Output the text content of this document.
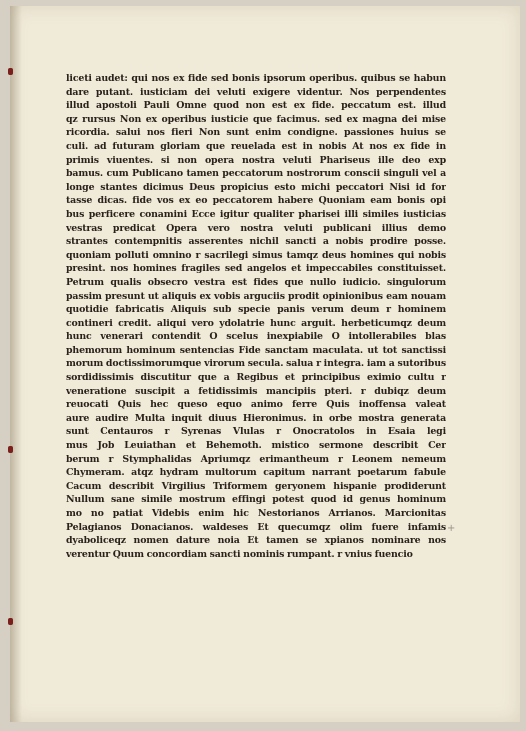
liceti audet: qui nos ex fide sed bonis ipsorum operibus. quibus se habun
dare putant. iusticiam dei veluti exigere videntur. Nos perpendentes
illud apostoli Pauli Omne quod non est ex fide. peccatum est. illud
qz rursus Non ex operibus iusticie que facimus. sed ex magna dei mise
ricordia. salui nos fieri Non sunt enim condigne. passiones huius se
culi. ad futuram gloriam que reuelada est in nobis At nos ex fide in
primis viuentes. si non opera nostra veluti Phariseus ille deo exp
bamus. cum Publicano tamen peccatorum nostrorum conscii singuli vel a
longe stantes dicimus Deus propicius esto michi peccatori Nisi id for
tasse dicas. fide vos ex eo peccatorem habere Quoniam eam bonis opi
bus perficere conamini Ecce igitur qualiter pharisei illi similes iusticias
vestras predicat Opera vero nostra veluti publicani illius demo
strantes contempnitis asserentes nichil sancti a nobis prodire posse.
quoniam polluti omnino r sacrilegi simus tamqz deus homines qui nobis
presint. nos homines fragiles sed angelos et impeccabiles constituisset.
Petrum qualis obsecro vestra est fides que nullo iudicio. singulorum
passim presunt ut aliquis ex vobis arguciis prodit opinionibus eam nouam
quotidie fabricatis Aliquis sub specie panis verum deum r hominem
contineri credit. aliqui vero ydolatrie hunc arguit. herbeticumqz deum
hunc venerari contendit O scelus inexpiabile O intollerabiles blas
phemorum hominum sentencias Fide sanctam maculata. ut tot sanctissi
morum doctissimorumque virorum secula. salua r integra. iam a sutoribus
sordidissimis discutitur que a Regibus et principibus eximio cultu r
veneratione suscipit a fetidissimis mancipiis pteri. r dubiqz deum
reuocati Quis hec queso equo animo ferre Quis inoffensa valeat
aure audire Multa inquit diuus Hieronimus. in orbe mostra generata
sunt Centauros r Syrenas Vlulas r Onocratolos in Esaia legi
mus Job Leuiathan et Behemoth. mistico sermone describit Cer
berum r Stymphalidas Apriumqz erimantheum r Leonem nemeum
Chymeram. atqz hydram multorum capitum narrant poetarum fabule
Cacum describit Virgilius Triformem geryonem hispanie prodiderunt
Nullum sane simile mostrum effingi potest quod id genus hominum
mo no patiat Videbis enim hic Nestorianos Arrianos. Marcionitas
Pelagianos Donacianos. waldeses Et quecumqz olim fuere infamis
dyaboliceqz nomen dature noia Et tamen se xpianos nominare nos
verentur Quum concordiam sancti nominis rumpant. r vnius fuencio
+
